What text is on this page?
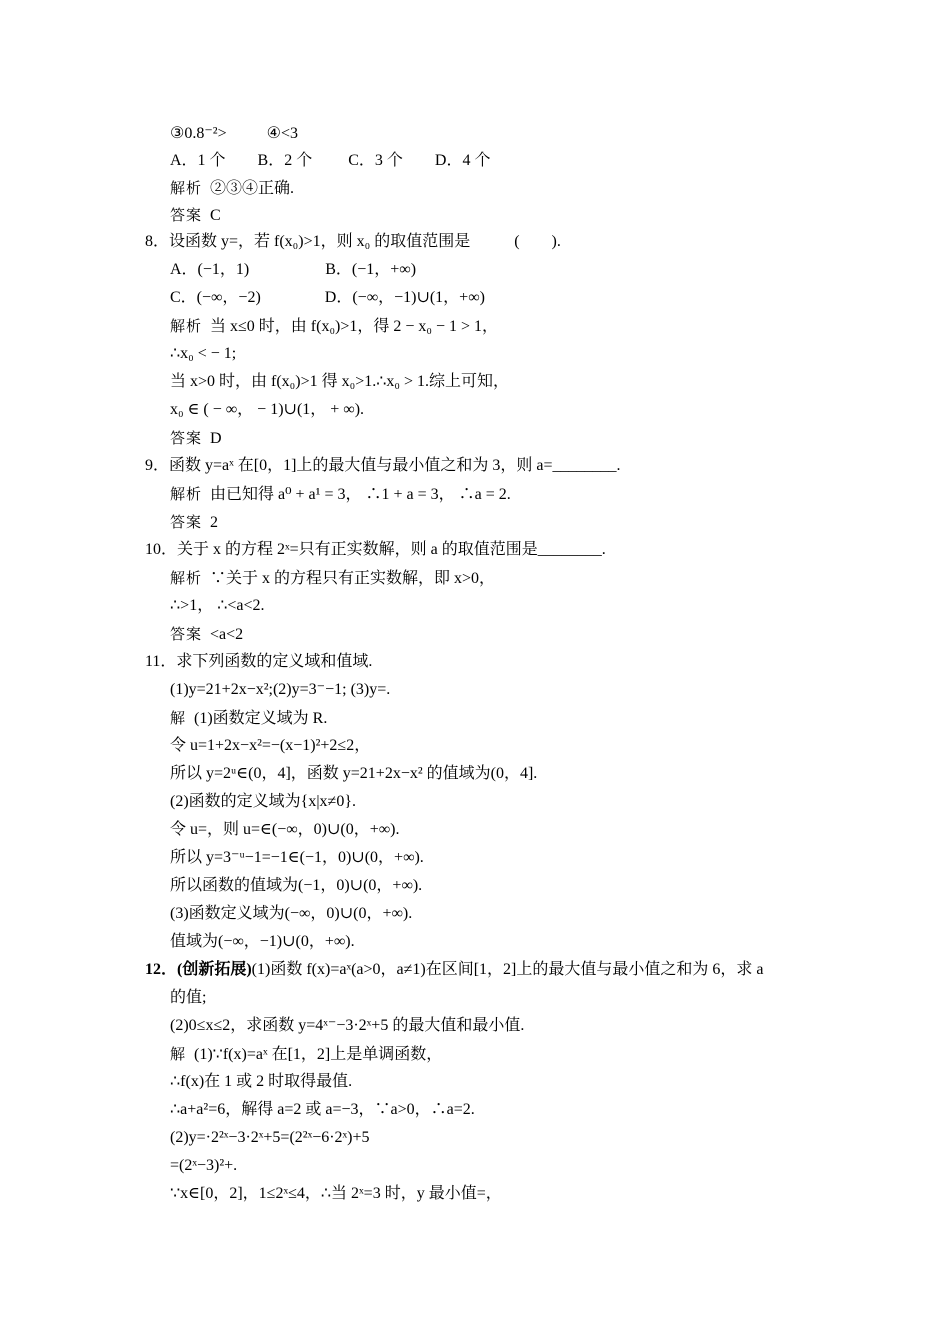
③0.8⁻²>          ④<3
A．1 个        B．2 个         C．3 个        D．4 个
解析  ②③④正确.
答案  C
8．设函数 y=，若 f(x₀)>1，则 x₀ 的取值范围是           (        ).
A．(−1，1)                   B．(−1，+∞)
C．(−∞，−2)                D．(−∞，−1)∪(1，+∞)
解析  当 x≤0 时，由 f(x₀)>1，得 2 − x₀ − 1 > 1，
∴x₀ < − 1;
当 x>0 时，由 f(x₀)>1 得 x₀>1.∴x₀ > 1.综上可知，
x₀ ∈ ( − ∞， − 1)∪(1， + ∞).
答案  D
9．函数 y=aˣ 在[0，1]上的最大值与最小值之和为 3，则 a=________.
解析  由已知得 a⁰ + a¹ = 3， ∴1 + a = 3， ∴a = 2.
答案  2
10．关于 x 的方程 2ˣ=只有正实数解，则 a 的取值范围是________.
解析  ∵关于 x 的方程只有正实数解，即 x>0，
∴>1， ∴<a<2.
答案  <a<2
11．求下列函数的定义域和值域.
(1)y=21+2x−x²;(2)y=3⁻−1; (3)y=.
解  (1)函数定义域为 R.
令 u=1+2x−x²=−(x−1)²+2≤2，
所以 y=2ᵘ∈(0，4]，函数 y=21+2x−x² 的值域为(0，4].
(2)函数的定义域为{x|x≠0}.
令 u=，则 u=∈(−∞，0)∪(0，+∞).
所以 y=3⁻ᵘ−1=−1∈(−1，0)∪(0，+∞).
所以函数的值域为(−1，0)∪(0，+∞).
(3)函数定义域为(−∞，0)∪(0，+∞).
值域为(−∞，−1)∪(0，+∞).
12．(创新拓展)(1)函数 f(x)=aˣ(a>0，a≠1)在区间[1，2]上的最大值与最小值之和为 6，求 a
的值;
(2)0≤x≤2，求函数 y=4ˣ⁻−3·2ˣ+5 的最大值和最小值.
解  (1)∵f(x)=aˣ 在[1，2]上是单调函数，
∴f(x)在 1 或 2 时取得最值.
∴a+a²=6，解得 a=2 或 a=−3，∵a>0，∴a=2.
(2)y=·2²ˣ−3·2ˣ+5=(2²ˣ−6·2ˣ)+5
=(2ˣ−3)²+.
∵x∈[0，2]，1≤2ˣ≤4，∴当 2ˣ=3 时，y 最小值=，
